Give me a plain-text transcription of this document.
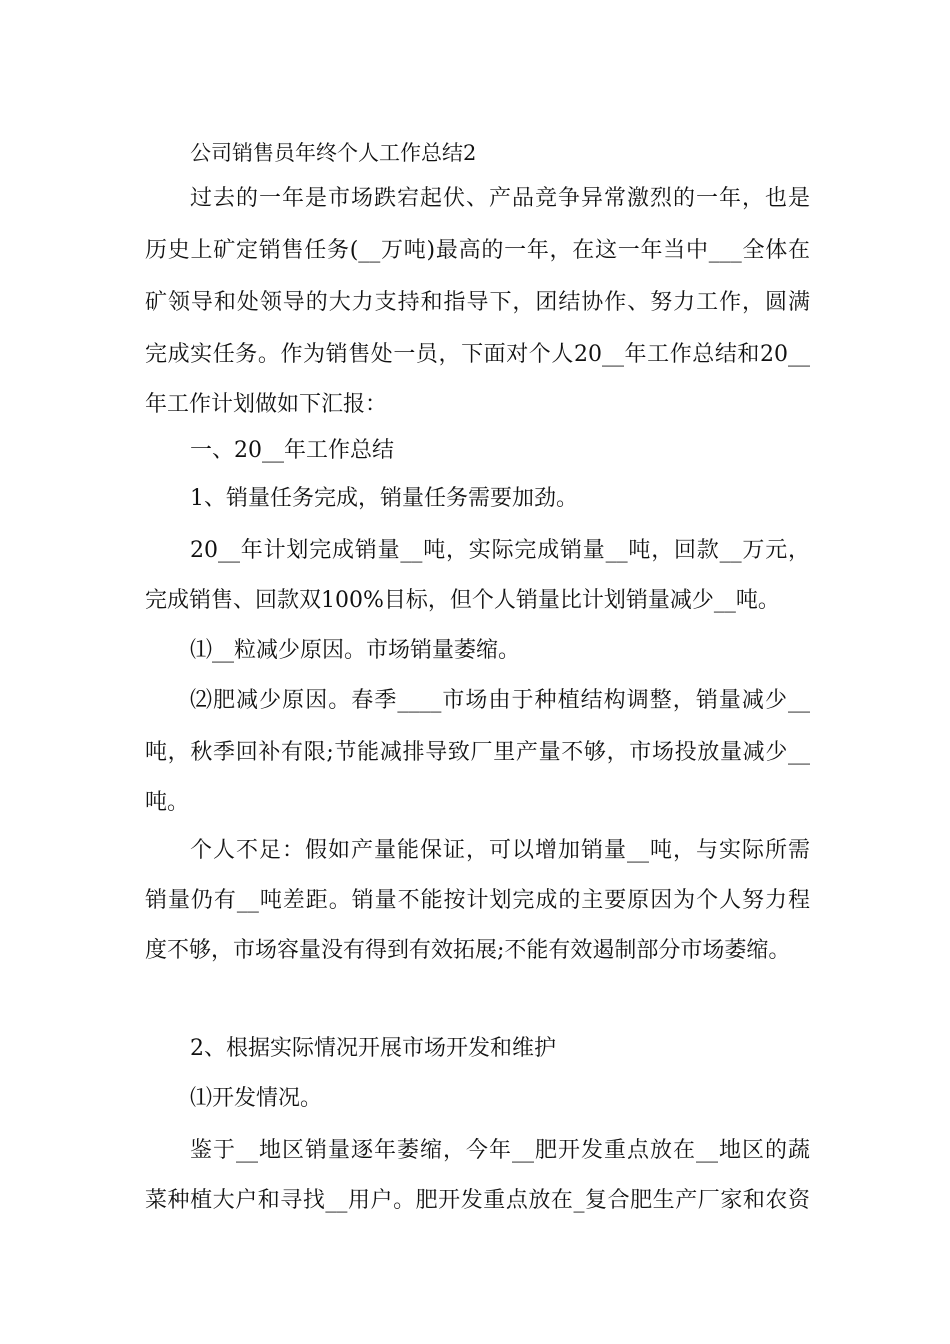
公司销售员年终个人工作总结2
过去的一年是市场跌宕起伏、产品竞争异常激烈的一年，也是
历史上矿定销售任务(__万吨)最高的一年，在这一年当中___全体在
矿领导和处领导的大力支持和指导下，团结协作、努力工作，圆满
完成实任务。作为销售处一员，下面对个人20__年工作总结和20__
年工作计划做如下汇报：
一、20__年工作总结
1、销量任务完成，销量任务需要加劲。
20__年计划完成销量__吨，实际完成销量__吨，回款__万元，
完成销售、回款双100%目标，但个人销量比计划销量减少__吨。
⑴__粒减少原因。市场销量萎缩。
⑵肥减少原因。春季____市场由于种植结构调整，销量减少__
吨，秋季回补有限;节能减排导致厂里产量不够，市场投放量减少__
吨。
个人不足：假如产量能保证，可以增加销量__吨，与实际所需
销量仍有__吨差距。销量不能按计划完成的主要原因为个人努力程
度不够，市场容量没有得到有效拓展;不能有效遏制部分市场萎缩。
2、根据实际情况开展市场开发和维护
⑴开发情况。
鉴于__地区销量逐年萎缩，今年__肥开发重点放在__地区的蔬
菜种植大户和寻找__用户。肥开发重点放在_复合肥生产厂家和农资
